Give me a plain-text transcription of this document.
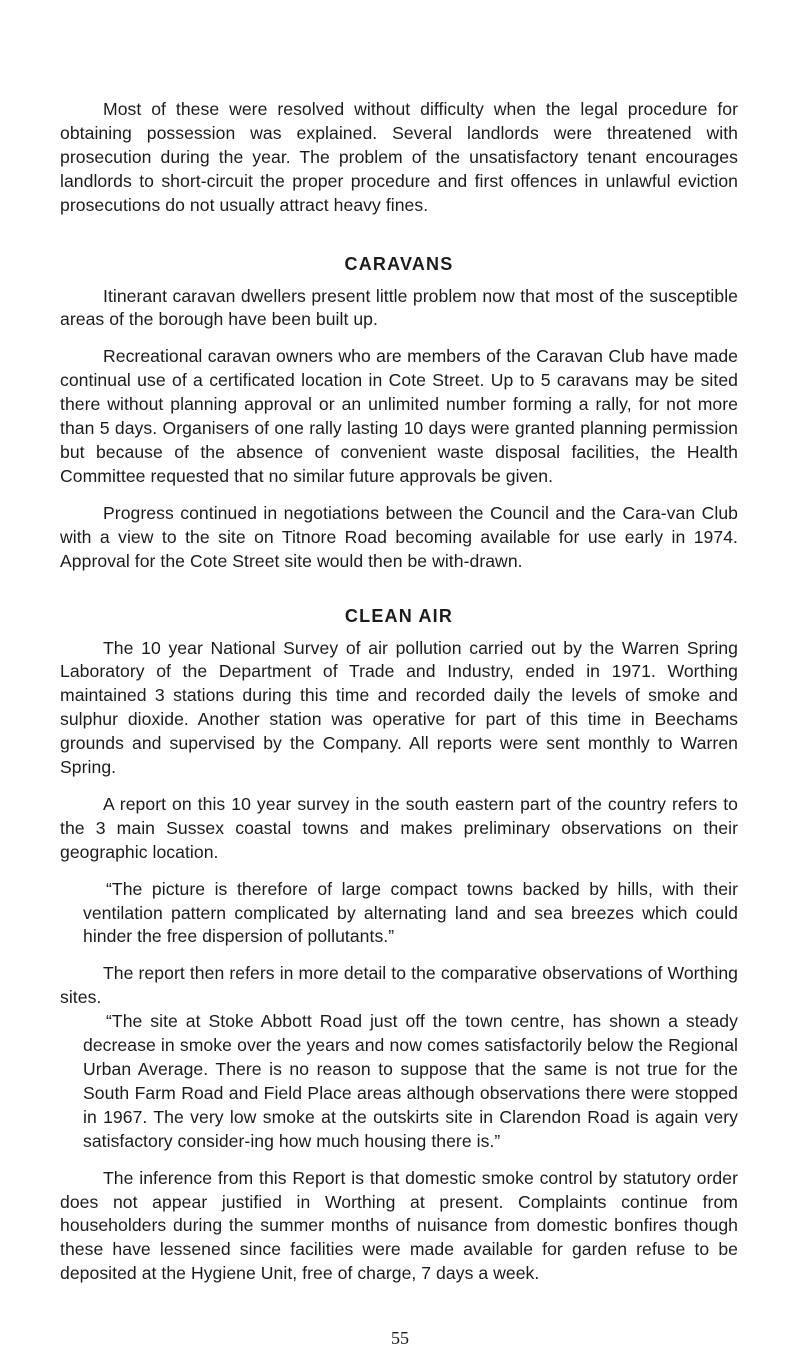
Most of these were resolved without difficulty when the legal procedure for obtaining possession was explained. Several landlords were threatened with prosecution during the year. The problem of the unsatisfactory tenant encourages landlords to short-circuit the proper procedure and first offences in unlawful eviction prosecutions do not usually attract heavy fines.

CARAVANS

Itinerant caravan dwellers present little problem now that most of the susceptible areas of the borough have been built up.

Recreational caravan owners who are members of the Caravan Club have made continual use of a certificated location in Cote Street. Up to 5 caravans may be sited there without planning approval or an unlimited number forming a rally, for not more than 5 days. Organisers of one rally lasting 10 days were granted planning permission but because of the absence of convenient waste disposal facilities, the Health Committee requested that no similar future approvals be given.

Progress continued in negotiations between the Council and the Cara-van Club with a view to the site on Titnore Road becoming available for use early in 1974. Approval for the Cote Street site would then be with-drawn.

CLEAN AIR

The 10 year National Survey of air pollution carried out by the Warren Spring Laboratory of the Department of Trade and Industry, ended in 1971. Worthing maintained 3 stations during this time and recorded daily the levels of smoke and sulphur dioxide. Another station was operative for part of this time in Beechams grounds and supervised by the Company. All reports were sent monthly to Warren Spring.

A report on this 10 year survey in the south eastern part of the country refers to the 3 main Sussex coastal towns and makes preliminary observations on their geographic location.

“The picture is therefore of large compact towns backed by hills, with their ventilation pattern complicated by alternating land and sea breezes which could hinder the free dispersion of pollutants.”

The report then refers in more detail to the comparative observations of Worthing sites.

“The site at Stoke Abbott Road just off the town centre, has shown a steady decrease in smoke over the years and now comes satisfactorily below the Regional Urban Average. There is no reason to suppose that the same is not true for the South Farm Road and Field Place areas although observations there were stopped in 1967. The very low smoke at the outskirts site in Clarendon Road is again very satisfactory consider-ing how much housing there is.”

The inference from this Report is that domestic smoke control by statutory order does not appear justified in Worthing at present. Complaints continue from householders during the summer months of nuisance from domestic bonfires though these have lessened since facilities were made available for garden refuse to be deposited at the Hygiene Unit, free of charge, 7 days a week.

55
